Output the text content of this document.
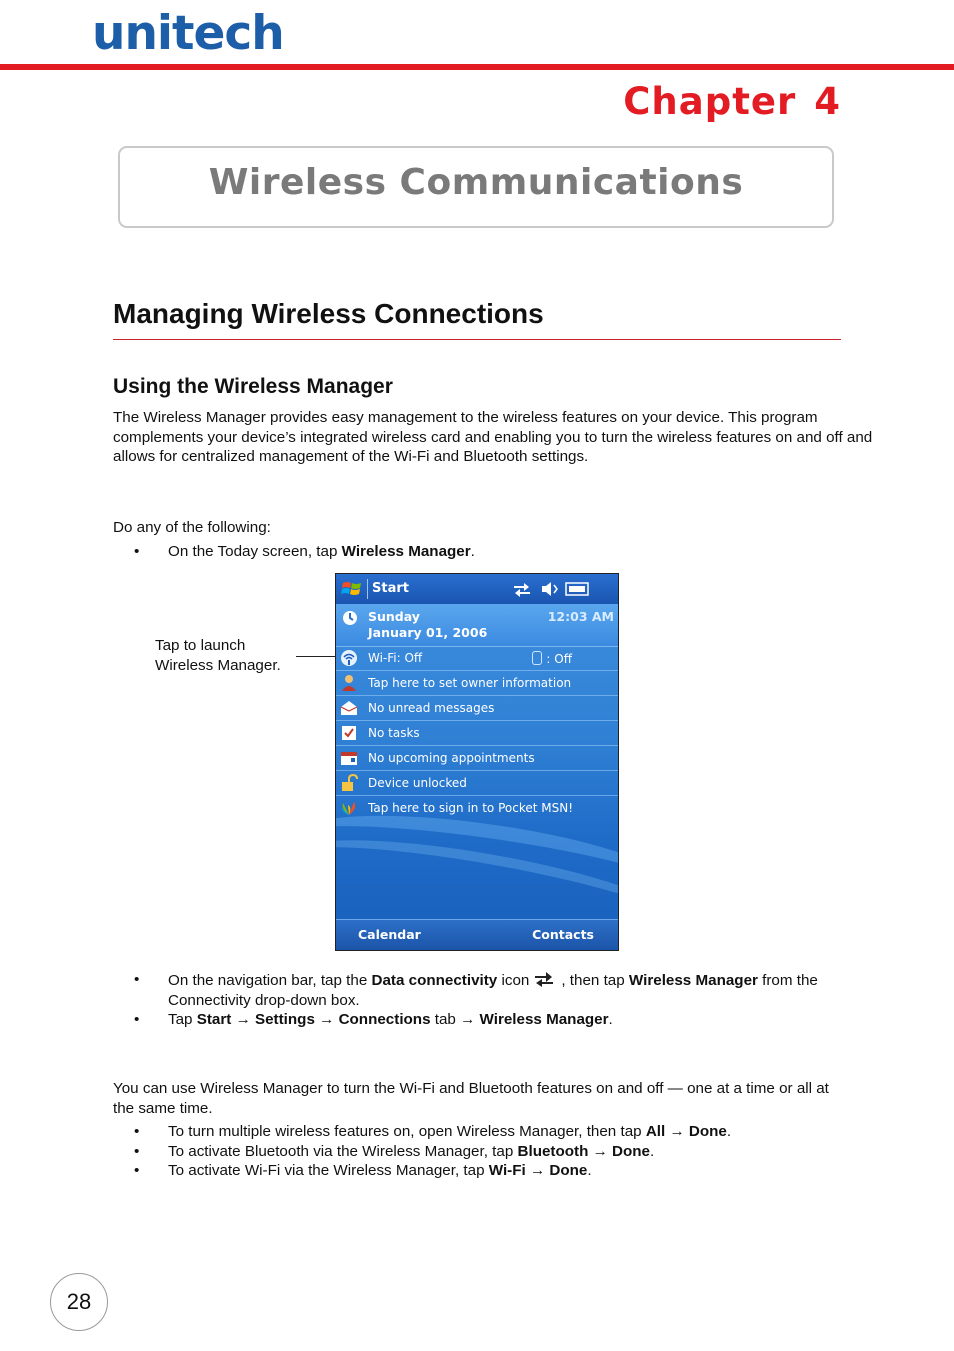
unitech
Chapter 4
Wireless Communications
Managing Wireless Connections
Using the Wireless Manager
The Wireless Manager provides easy management to the wireless features on your device. This program complements your device’s integrated wireless card and enabling you to turn the wireless features on and off and allows for centralized management of the Wi-Fi and Bluetooth settings.
Do any of the following:
• On the Today screen, tap Wireless Manager.
Tap to launch
Wireless Manager.
Start
Sunday
January 01, 2006
12:03 AM
Wi-Fi: Off	: Off
Tap here to set owner information
No unread messages
No tasks
No upcoming appointments
Device unlocked
Tap here to sign in to Pocket MSN!
Calendar	Contacts
• On the navigation bar, tap the Data connectivity icon , then tap Wireless Manager from the Connectivity drop-down box.
• Tap Start → Settings → Connections tab → Wireless Manager.
You can use Wireless Manager to turn the Wi-Fi and Bluetooth features on and off — one at a time or all at the same time.
• To turn multiple wireless features on, open Wireless Manager, then tap All → Done.
• To activate Bluetooth via the Wireless Manager, tap Bluetooth → Done.
• To activate Wi-Fi via the Wireless Manager, tap Wi-Fi → Done.
28
